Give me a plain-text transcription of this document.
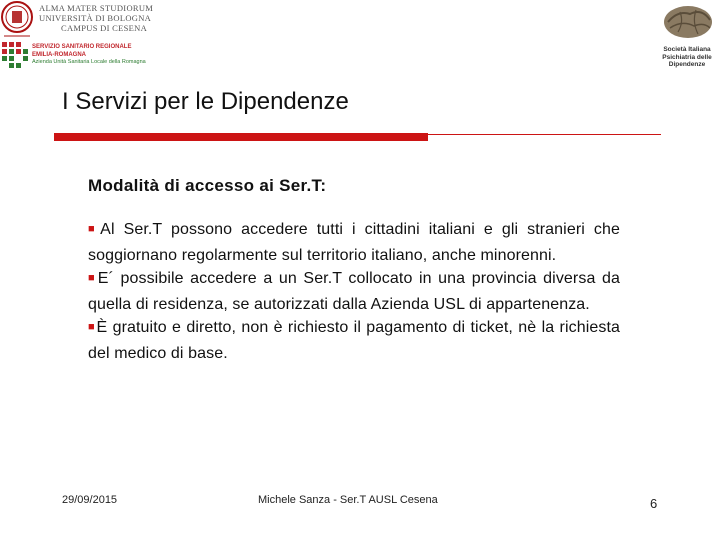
ALMA MATER STUDIORUM
UNIVERSITÀ DI BOLOGNA
CAMPUS DI CESENA
SERVIZIO SANITARIO REGIONALE
EMILIA-ROMAGNA
Azienda Unità Sanitaria Locale della Romagna
Società Italiana
Psichiatria delle
Dipendenze
I Servizi per le Dipendenze
Modalità di accesso ai Ser.T:

■Al Ser.T possono accedere tutti i cittadini italiani e gli stranieri che soggiornano regolarmente sul territorio italiano, anche minorenni.

■E´ possibile accedere a un Ser.T collocato in una provincia diversa da quella di residenza, se autorizzati dalla Azienda USL di appartenenza.

■È gratuito e diretto, non è richiesto il pagamento di ticket, nè la richiesta del medico di base.

29/09/2015	Michele Sanza - Ser.T AUSL Cesena	6
